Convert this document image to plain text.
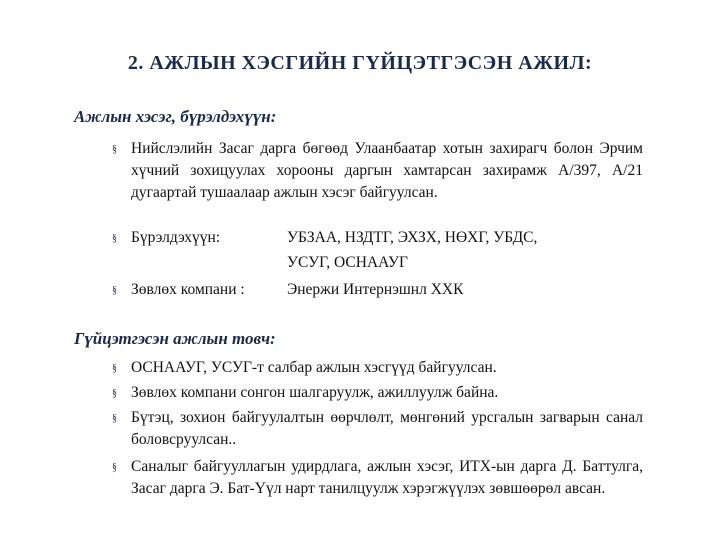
2. АЖЛЫН ХЭСГИЙН ГҮЙЦЭТГЭСЭН АЖИЛ:
Ажлын хэсэг, бүрэлдэхүүн:
§ Нийслэлийн Засаг дарга бөгөөд Улаанбаатар хотын захирагч болон Эрчим хүчний зохицуулах хорооны даргын хамтарсан захирамж А/397, А/21 дугаартай тушаалаар ажлын хэсэг байгуулсан.
§ Бүрэлдэхүүн:	УБЗАА, НЗДТГ, ЭХЗХ, НӨХГ, УБДС,
УСУГ, ОСНААУГ
§ Зөвлөх компани :	Энержи Интернэшнл ХХК
Гүйцэтгэсэн ажлын товч:
§ ОСНААУГ, УСУГ-т салбар ажлын хэсгүүд байгуулсан.
§ Зөвлөх компани сонгон шалгаруулж, ажиллуулж байна.
§ Бүтэц, зохион байгуулалтын өөрчлөлт, мөнгөний урсгалын загварын санал боловсруулсан..
§ Саналыг байгууллагын удирдлага, ажлын хэсэг, ИТХ-ын дарга Д. Баттулга, Засаг дарга Э. Бат-Үүл нарт танилцуулж хэрэгжүүлэх зөвшөөрөл авсан.
